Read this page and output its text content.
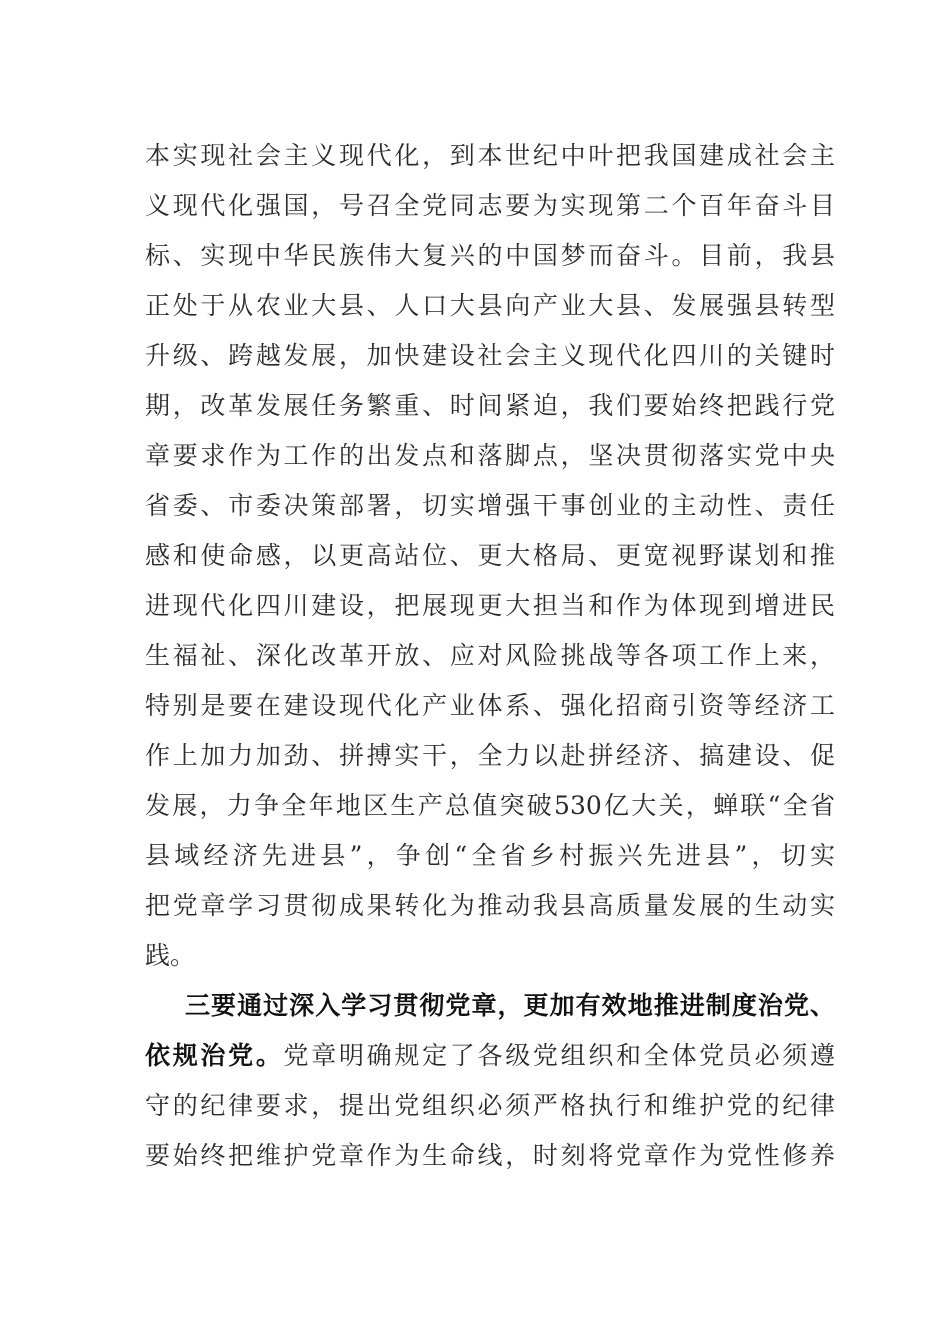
本实现社会主义现代化，到本世纪中叶把我国建成社会主
义现代化强国，号召全党同志要为实现第二个百年奋斗目
标、实现中华民族伟大复兴的中国梦而奋斗。目前，我县
正处于从农业大县、人口大县向产业大县、发展强县转型
升级、跨越发展，加快建设社会主义现代化四川的关键时
期，改革发展任务繁重、时间紧迫，我们要始终把践行党
章要求作为工作的出发点和落脚点，坚决贯彻落实党中央
省委、市委决策部署，切实增强干事创业的主动性、责任
感和使命感，以更高站位、更大格局、更宽视野谋划和推
进现代化四川建设，把展现更大担当和作为体现到增进民
生福祉、深化改革开放、应对风险挑战等各项工作上来，
特别是要在建设现代化产业体系、强化招商引资等经济工
作上加力加劲、拼搏实干，全力以赴拼经济、搞建设、促
发展，力争全年地区生产总值突破530亿大关，蝉联“全省
县域经济先进县”，争创“全省乡村振兴先进县”，切实
把党章学习贯彻成果转化为推动我县高质量发展的生动实
践。
三要通过深入学习贯彻党章，更加有效地推进制度治党、
依规治党。党章明确规定了各级党组织和全体党员必须遵
守的纪律要求，提出党组织必须严格执行和维护党的纪律
要始终把维护党章作为生命线，时刻将党章作为党性修养
